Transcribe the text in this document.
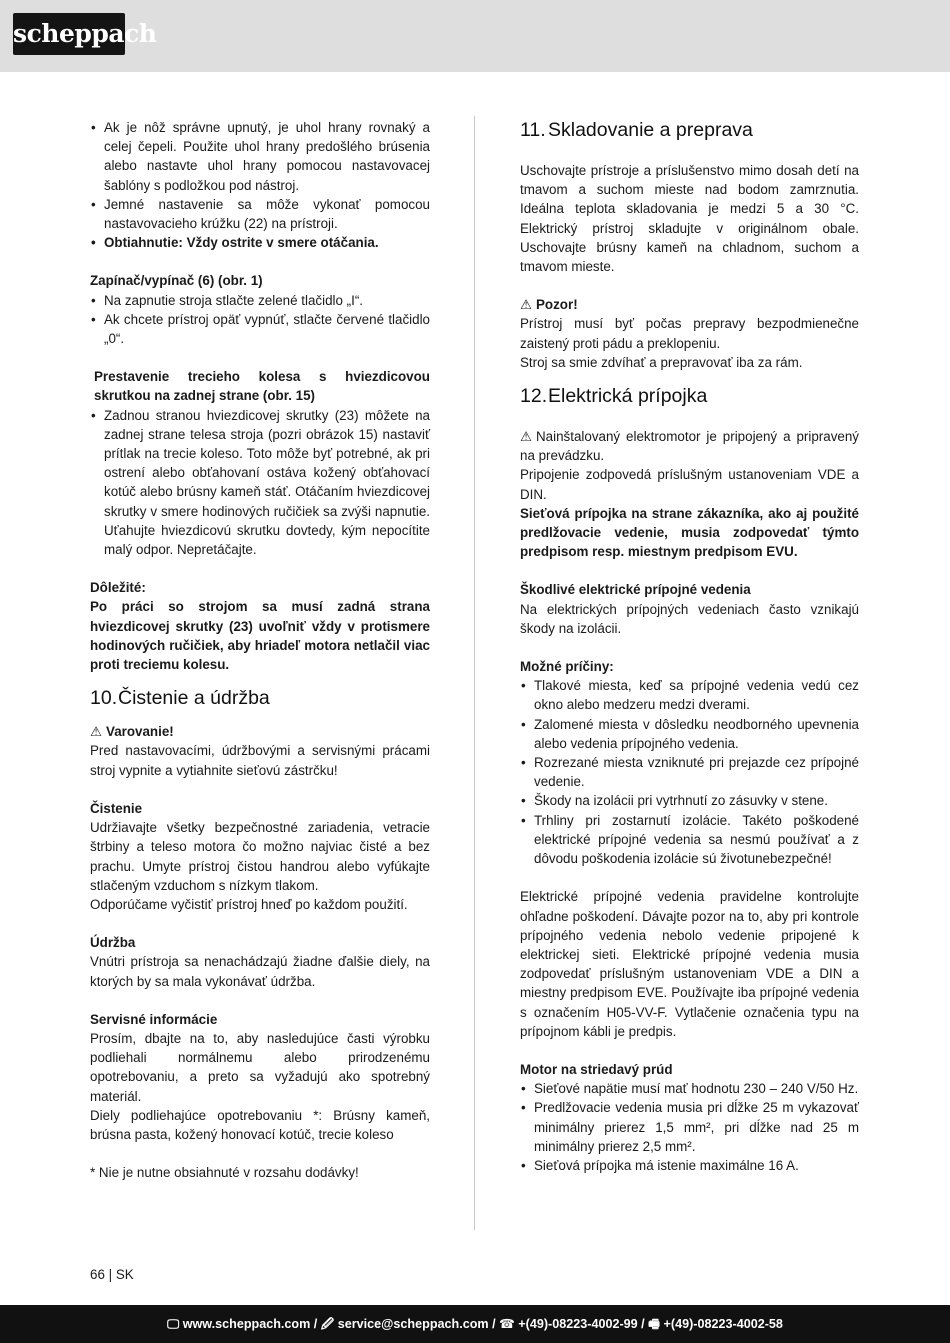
scheppach
• Ak je nôž správne upnutý, je uhol hrany rovnaký a celej čepeli. Použite uhol hrany predošlého brúsenia alebo nastavte uhol hrany pomocou nastavovacej šablóny s podložkou pod nástroj.
• Jemné nastavenie sa môže vykonať pomocou nastavovacieho krúžku (22) na prístroji.
• Obtiahnutie: Vždy ostrite v smere otáčania.

Zapínač/vypínač (6) (obr. 1)

• Na zapnutie stroja stlačte zelené tlačidlo „I“.
• Ak chcete prístroj opäť vypnúť, stlačte červené tlačidlo „0“.

Prestavenie trecieho kolesa s hviezdicovou skrutkou na zadnej strane (obr. 15)

• Zadnou stranou hviezdicovej skrutky (23) môžete na zadnej strane telesa stroja (pozri obrázok 15) nastaviť prítlak na trecie koleso. Toto môže byť potrebné, ak pri ostrení alebo obťahovaní ostáva kožený obťahovací kotúč alebo brúsny kameň stáť. Otáčaním hviezdicovej skrutky v smere hodinových ručičiek sa zvýši napnutie. Uťahujte hviezdicovú skrutku dovtedy, kým nepocítite malý odpor. Nepretáčajte.

Dôležité:

Po práci so strojom sa musí zadná strana hviezdicovej skrutky (23) uvoľniť vždy v protismere hodinových ručičiek, aby hriadeľ motora netlačil viac proti treciemu kolesu.

10. Čistenie a údržba

⚠ Varovanie!

Pred nastavovacími, údržbovými a servisnými prácami stroj vypnite a vytiahnite sieťovú zástrčku!

Čistenie

Udržiavajte všetky bezpečnostné zariadenia, vetracie štrbiny a teleso motora čo možno najviac čisté a bez prachu. Umyte prístroj čistou handrou alebo vyfúkajte stlačeným vzduchom s nízkym tlakom.

Odporúčame vyčistiť prístroj hneď po každom použití.

Údržba

Vnútri prístroja sa nenachádzajú žiadne ďalšie diely, na ktorých by sa mala vykonávať údržba.

Servisné informácie

Prosím, dbajte na to, aby nasledujúce časti výrobku podliehali normálnemu alebo prirodzenému opotrebovaniu, a preto sa vyžadujú ako spotrebný materiál.

Diely podliehajúce opotrebovaniu *: Brúsny kameň, brúsna pasta, kožený honovací kotúč, trecie koleso

* Nie je nutne obsiahnuté v rozsahu dodávky!

11. Skladovanie a preprava

Uschovajte prístroje a príslušenstvo mimo dosah detí na tmavom a suchom mieste nad bodom zamrznutia. Ideálna teplota skladovania je medzi 5 a 30 °C. Elektrický prístroj skladujte v originálnom obale. Uschovajte brúsny kameň na chladnom, suchom a tmavom mieste.

⚠ Pozor!

Prístroj musí byť počas prepravy bezpodmienečne zaistený proti pádu a preklopeniu.

Stroj sa smie zdvíhať a prepravovať iba za rám.

12. Elektrická prípojka

⚠ Nainštalovaný elektromotor je pripojený a pripravený na prevádzku.

Pripojenie zodpovedá príslušným ustanoveniam VDE a DIN.

Sieťová prípojka na strane zákazníka, ako aj použité predlžovacie vedenie, musia zodpovedať týmto predpisom resp. miestnym predpisom EVU.

Škodlivé elektrické prípojné vedenia

Na elektrických prípojných vedeniach často vznikajú škody na izolácii.

Možné príčiny:

• Tlakové miesta, keď sa prípojné vedenia vedú cez okno alebo medzeru medzi dverami.
• Zalomené miesta v dôsledku neodborného upevnenia alebo vedenia prípojného vedenia.
• Rozrezané miesta vzniknuté pri prejazde cez prípojné vedenie.
• Škody na izolácii pri vytrhnutí zo zásuvky v stene.
• Trhliny pri zostarnutí izolácie. Takéto poškodené elektrické prípojné vedenia sa nesmú používať a z dôvodu poškodenia izolácie sú životunebezpečné!

Elektrické prípojné vedenia pravidelne kontrolujte ohľadne poškodení. Dávajte pozor na to, aby pri kontrole prípojného vedenia nebolo vedenie pripojené k elektrickej sieti. Elektrické prípojné vedenia musia zodpovedať príslušným ustanoveniam VDE a DIN a miestny predpisom EVE. Používajte iba prípojné vedenia s označením H05-VV-F. Vytlačenie označenia typu na prípojnom kábli je predpis.

Motor na striedavý prúd

• Sieťové napätie musí mať hodnotu 230 – 240 V/50 Hz.
• Predlžovacie vedenia musia pri dĺžke 25 m vykazovať minimálny prierez 1,5 mm², pri dĺžke nad 25 m minimálny prierez 2,5 mm².
• Sieťová prípojka má istenie maximálne 16 A.
66 | SK
🖵 www.scheppach.com / 🖉 service@scheppach.com / ☎ +(49)-08223-4002-99 / 🖷 +(49)-08223-4002-58
